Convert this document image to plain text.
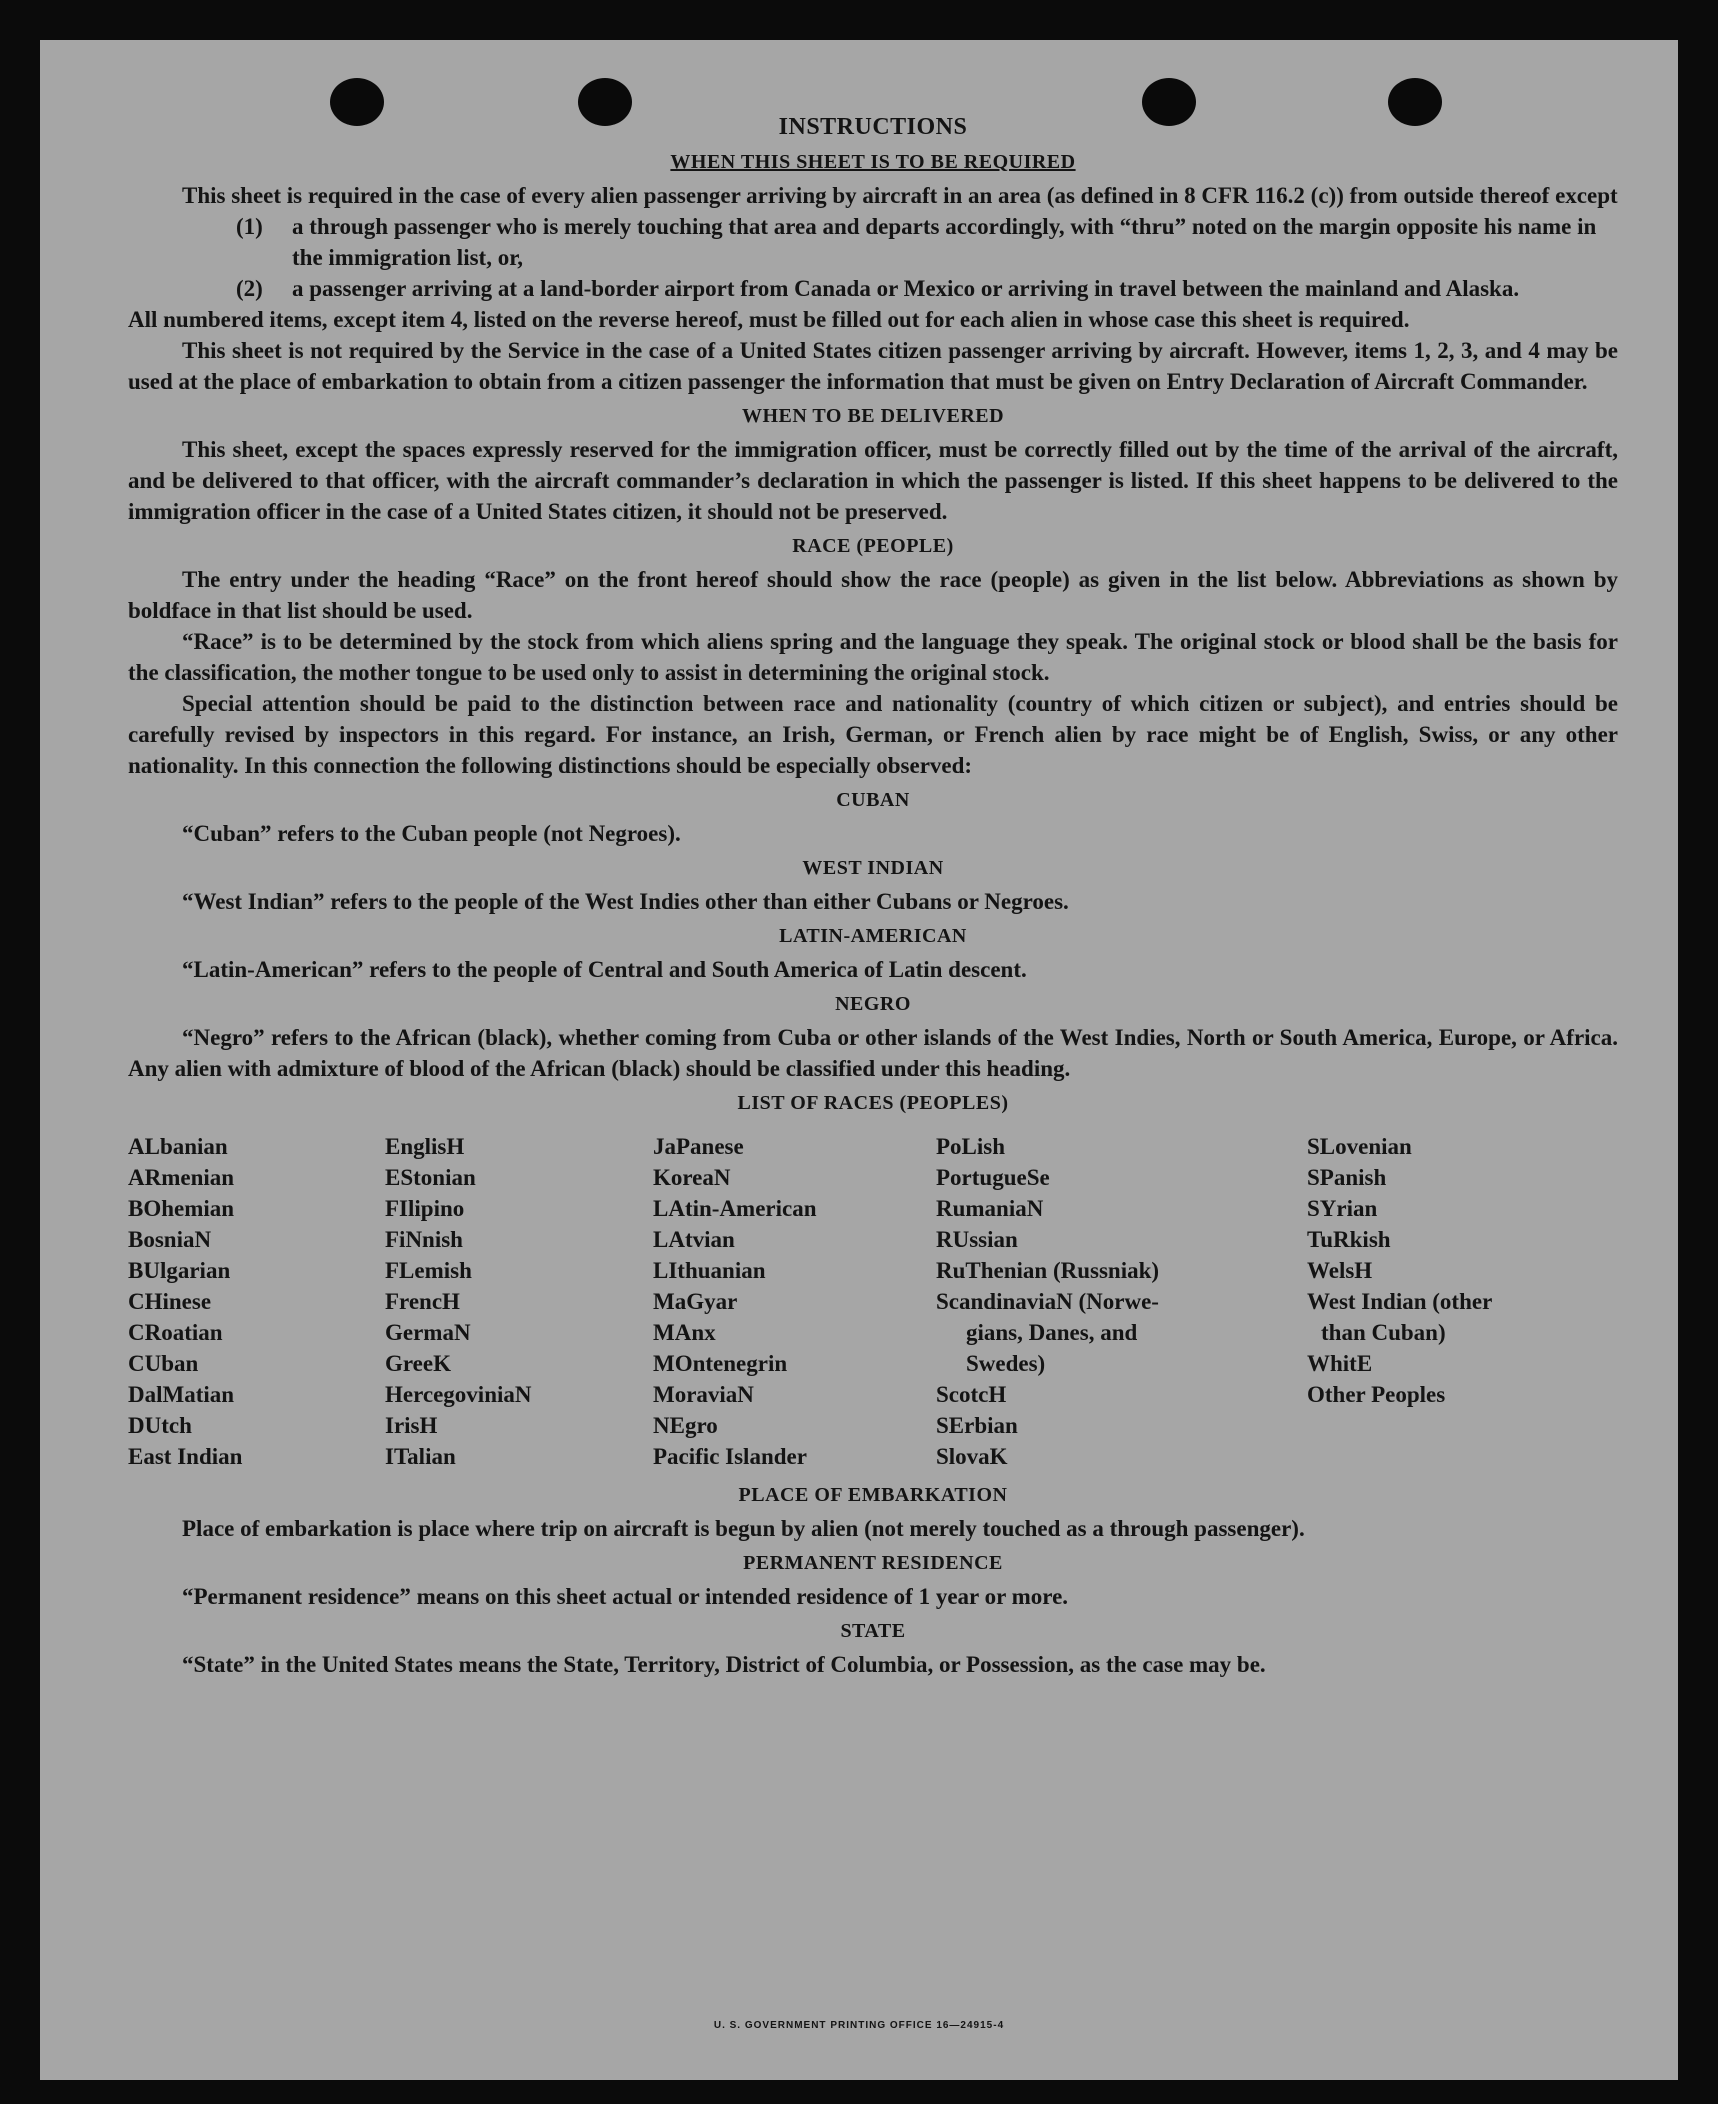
INSTRUCTIONS
WHEN THIS SHEET IS TO BE REQUIRED

This sheet is required in the case of every alien passenger arriving by aircraft in an area (as defined in 8 CFR 116.2 (c)) from outside thereof except

(1)	a through passenger who is merely touching that area and departs accordingly, with “thru” noted on the margin opposite his name in the immigration list, or,
(2)	a passenger arriving at a land-border airport from Canada or Mexico or arriving in travel between the mainland and Alaska.

All numbered items, except item 4, listed on the reverse hereof, must be filled out for each alien in whose case this sheet is required.

This sheet is not required by the Service in the case of a United States citizen passenger arriving by aircraft. However, items 1, 2, 3, and 4 may be used at the place of embarkation to obtain from a citizen passenger the information that must be given on Entry Declaration of Aircraft Commander.

WHEN TO BE DELIVERED

This sheet, except the spaces expressly reserved for the immigration officer, must be correctly filled out by the time of the arrival of the aircraft, and be delivered to that officer, with the aircraft commander’s declaration in which the passenger is listed. If this sheet happens to be delivered to the immigration officer in the case of a United States citizen, it should not be preserved.

RACE (PEOPLE)

The entry under the heading “Race” on the front hereof should show the race (people) as given in the list below. Abbreviations as shown by boldface in that list should be used.

“Race” is to be determined by the stock from which aliens spring and the language they speak. The original stock or blood shall be the basis for the classification, the mother tongue to be used only to assist in determining the original stock.

Special attention should be paid to the distinction between race and nationality (country of which citizen or subject), and entries should be carefully revised by inspectors in this regard. For instance, an Irish, German, or French alien by race might be of English, Swiss, or any other nationality. In this connection the following distinctions should be especially observed:

CUBAN

“Cuban” refers to the Cuban people (not Negroes).

WEST INDIAN

“West Indian” refers to the people of the West Indies other than either Cubans or Negroes.

LATIN-AMERICAN

“Latin-American” refers to the people of Central and South America of Latin descent.

NEGRO

“Negro” refers to the African (black), whether coming from Cuba or other islands of the West Indies, North or South America, Europe, or Africa. Any alien with admixture of blood of the African (black) should be classified under this heading.

LIST OF RACES (PEOPLES)
ALbanian
ARmenian
BOhemian
BosniaN
BUlgarian
CHinese
CRoatian
CUban
DalMatian
DUtch
East Indian
EnglisH
EStonian
FIlipino
FiNnish
FLemish
FrencH
GermaN
GreeK
HercegoviniaN
IrisH
ITalian
JaPanese
KoreaN
LAtin-American
LAtvian
LIthuanian
MaGyar
MAnx
MOntenegrin
MoraviaN
NEgro
Pacific Islander
PoLish
PortugueSe
RumaniaN
RUssian
RuThenian (Russniak)
ScandinaviaN (Norwe-
gians, Danes, and
Swedes)
ScotcH
SErbian
SlovaK
SLovenian
SPanish
SYrian
TuRkish
WelsH
West Indian (other
than Cuban)
WhitE
Other Peoples
PLACE OF EMBARKATION

Place of embarkation is place where trip on aircraft is begun by alien (not merely touched as a through passenger).

PERMANENT RESIDENCE

“Permanent residence” means on this sheet actual or intended residence of 1 year or more.

STATE

“State” in the United States means the State, Territory, District of Columbia, or Possession, as the case may be.

U. S. GOVERNMENT PRINTING OFFICE 16—24915-4
